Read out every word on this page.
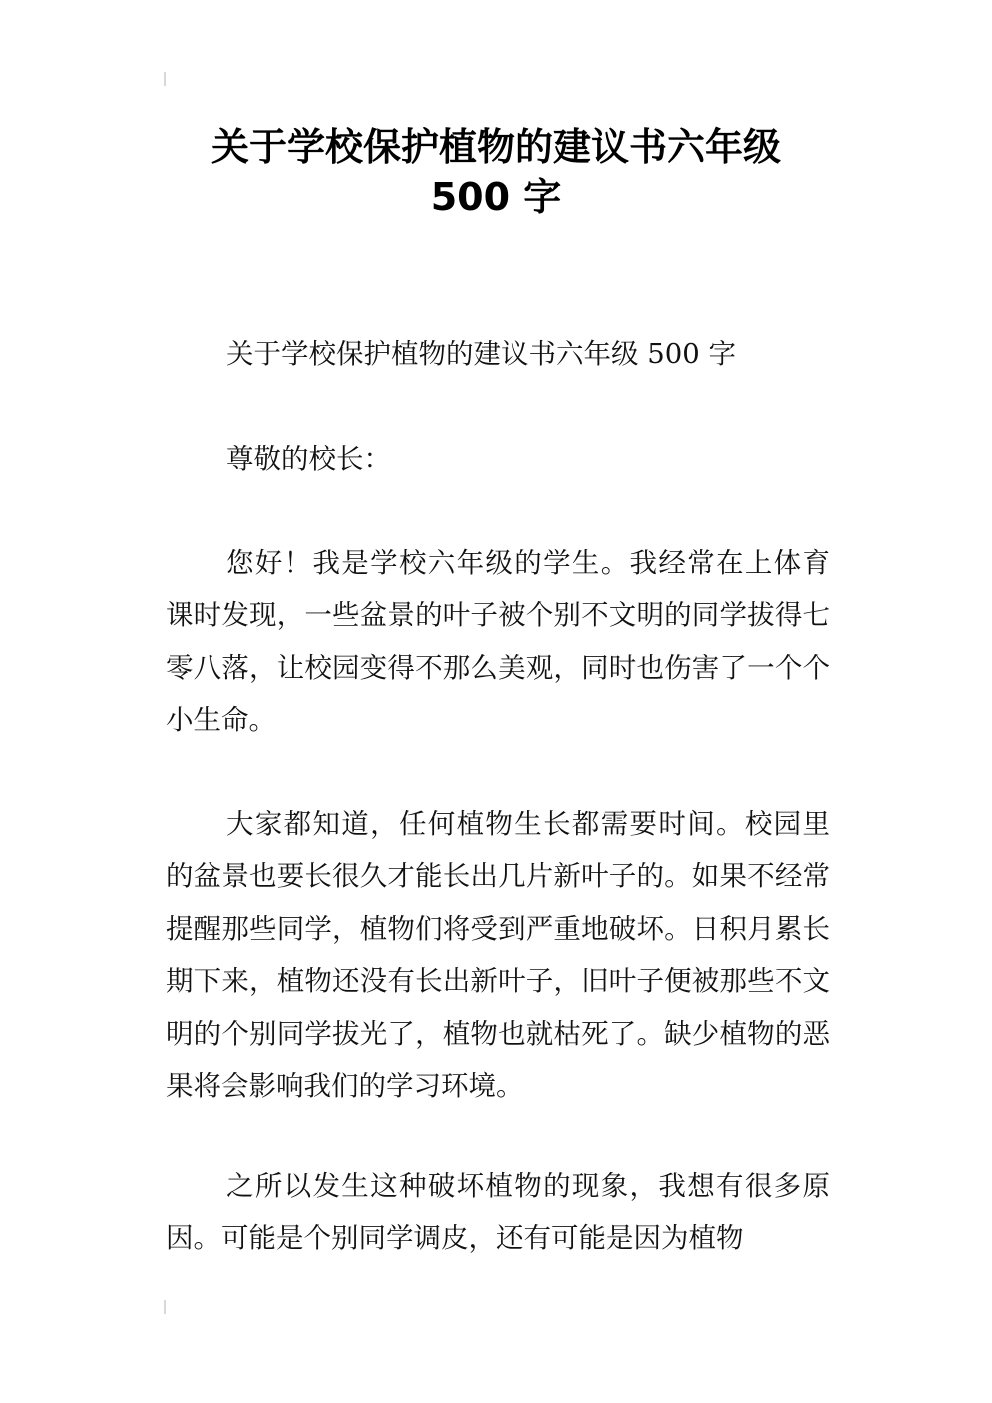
关于学校保护植物的建议书六年级
500 字

关于学校保护植物的建议书六年级 500 字

尊敬的校长：

您好！我是学校六年级的学生。我经常在上体育课时发现，一些盆景的叶子被个别不文明的同学拔得七零八落，让校园变得不那么美观，同时也伤害了一个个小生命。

大家都知道，任何植物生长都需要时间。校园里的盆景也要长很久才能长出几片新叶子的。如果不经常提醒那些同学，植物们将受到严重地破坏。日积月累长期下来，植物还没有长出新叶子，旧叶子便被那些不文明的个别同学拔光了，植物也就枯死了。缺少植物的恶果将会影响我们的学习环境。

之所以发生这种破坏植物的现象，我想有很多原因。可能是个别同学调皮，还有可能是因为植物
